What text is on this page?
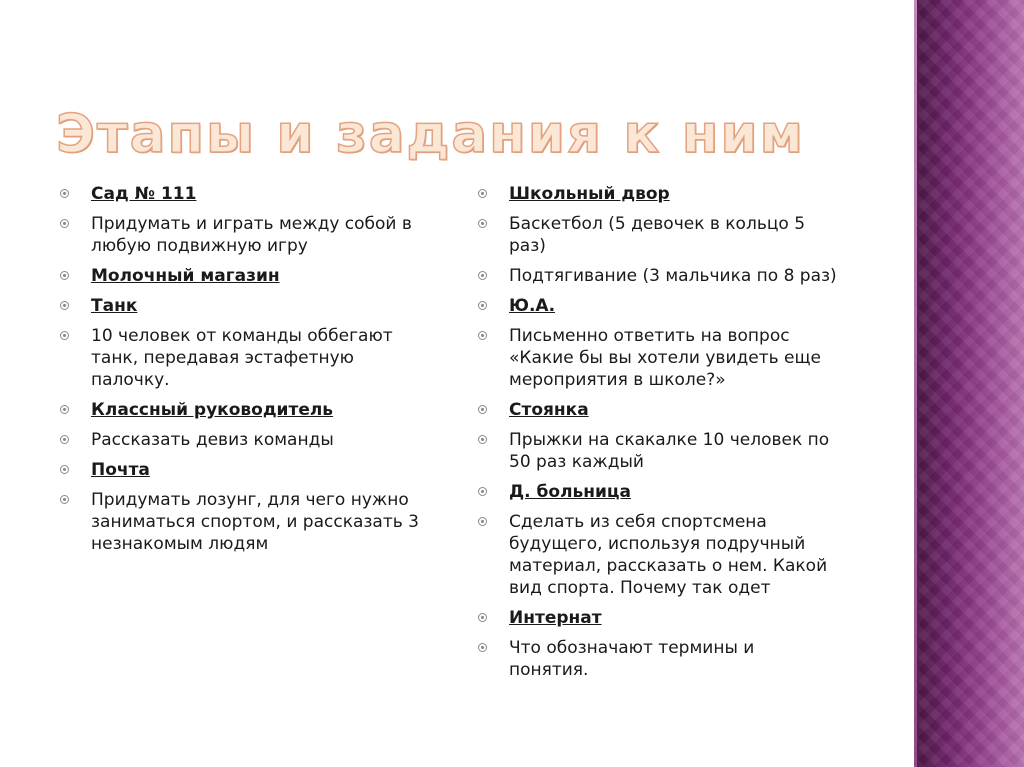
Этапы и задания к ним
Сад № 111
Придумать и играть между собой в любую подвижную игру
Молочный магазин
Танк
10 человек от команды оббегают танк, передавая эстафетную палочку.
Классный руководитель
Рассказать девиз команды
Почта
Придумать лозунг, для чего нужно заниматься спортом, и рассказать 3 незнакомым людям
Школьный двор
Баскетбол (5 девочек в кольцо 5 раз)
Подтягивание (3 мальчика по 8 раз)
Ю.А.
Письменно ответить на вопрос «Какие бы вы хотели увидеть еще мероприятия в школе?»
Стоянка
Прыжки на скакалке 10 человек по 50 раз каждый
Д. больница
Сделать из себя спортсмена будущего, используя подручный материал, рассказать о нем. Какой вид спорта. Почему так одет
Интернат
Что обозначают термины и понятия.
